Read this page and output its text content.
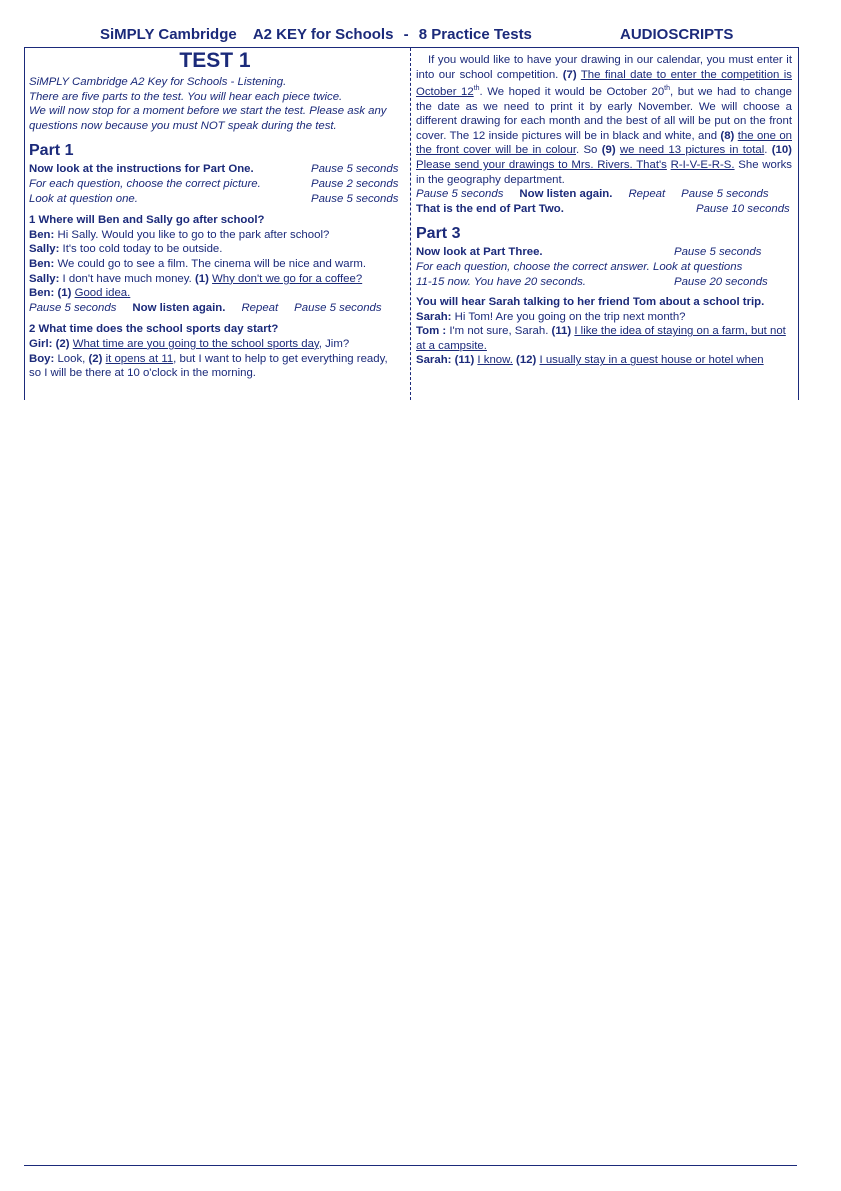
SiMPLY Cambridge A2 KEY for Schools - 8 Practice Tests	AUDIOSCRIPTS
TEST 1

SiMPLY Cambridge A2 Key for Schools - Listening.

There are five parts to the test. You will hear each piece twice.

We will now stop for a moment before we start the test. Please ask any questions now because you must NOT speak during the test.

Part 1
Now look at the instructions for Part One.	Pause 5 seconds
For each question, choose the correct picture.	Pause 2 seconds
Look at question one.	Pause 5 seconds

1 Where will Ben and Sally go after school?

Ben: Hi Sally. Would you like to go to the park after school?

Sally: It's too cold today to be outside.

Ben: We could go to see a film. The cinema will be nice and warm.

Sally: I don't have much money. (1) Why don't we go for a coffee?

Ben: (1) Good idea.

Pause 5 seconds Now listen again. Repeat Pause 5 seconds

2 What time does the school sports day start?

Girl: (2) What time are you going to the school sports day, Jim?

Boy: Look, (2) it opens at 11, but I want to help to get everything ready, so I will be there at 10 o'clock in the morning.

If you would like to have your drawing in our calendar, you must enter it into our school competition. (7) The final date to enter the competition is October 12th. We hoped it would be October 20th, but we had to change the date as we need to print it by early November. We will choose a different drawing for each month and the best of all will be put on the front cover. The 12 inside pictures will be in black and white, and (8) the one on the front cover will be in colour. So (9) we need 13 pictures in total. (10) Please send your drawings to Mrs. Rivers. That's R-I-V-E-R-S. She works in the geography department.

Pause 5 seconds Now listen again. Repeat Pause 5 seconds
That is the end of Part Two.	Pause 10 seconds
Part 3
Now look at Part Three.	Pause 5 seconds

For each question, choose the correct answer. Look at questions

11-15 now. You have 20 seconds.	Pause 20 seconds

You will hear Sarah talking to her friend Tom about a school trip.

Sarah: Hi Tom! Are you going on the trip next month?

Tom : I'm not sure, Sarah. (11) I like the idea of staying on a farm, but not at a campsite.

Sarah: (11) I know. (12) I usually stay in a guest house or hotel when
